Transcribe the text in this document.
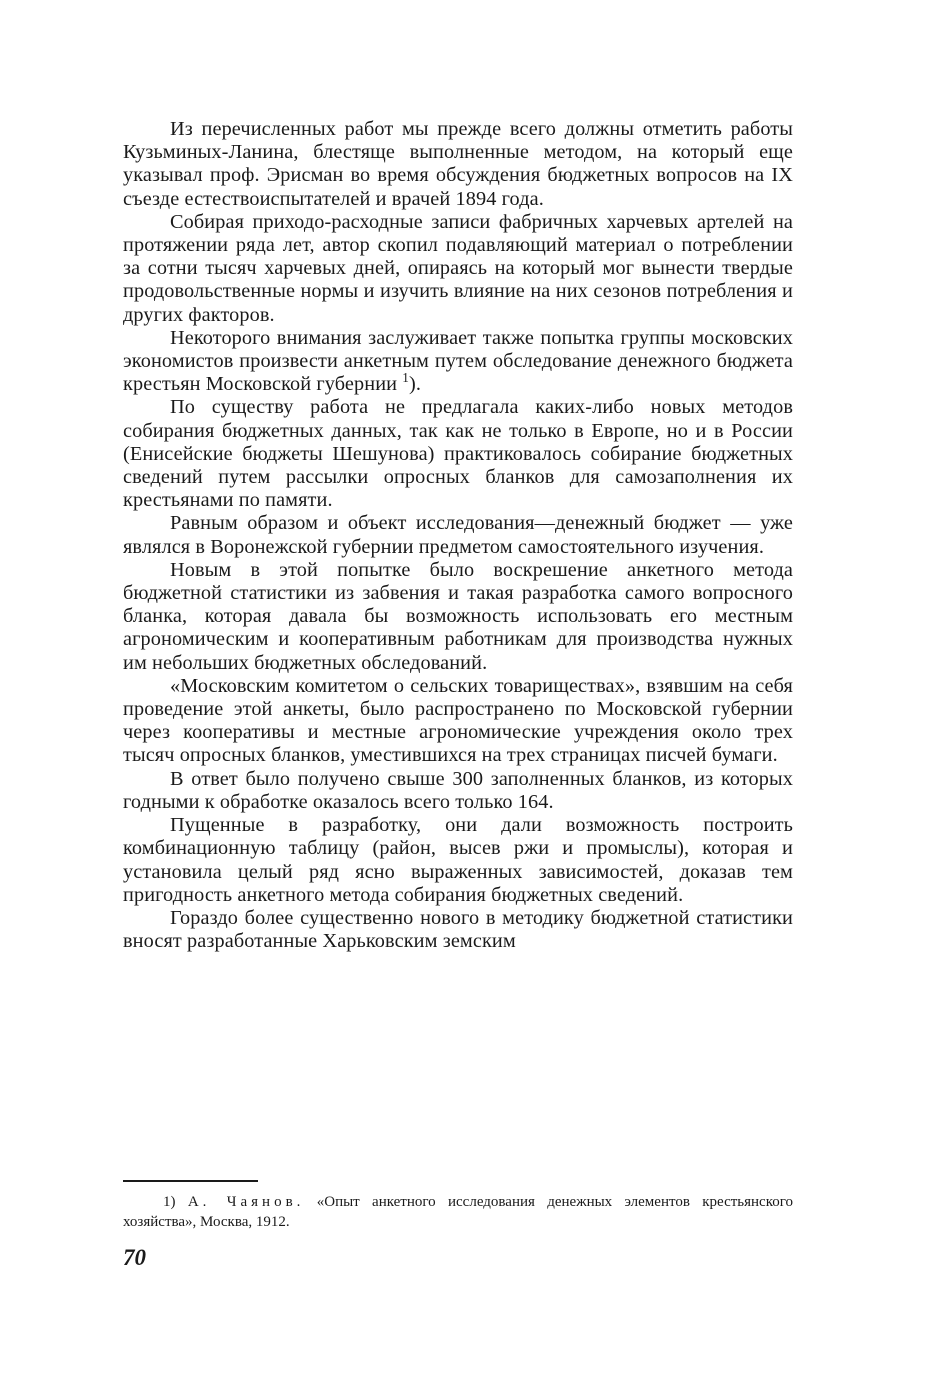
Из перечисленных работ мы прежде всего должны отметить работы Кузьминых-Ланина, блестяще выполненные методом, на который еще указывал проф. Эрисман во время обсуждения бюджетных вопросов на IX съезде естествоиспытателей и врачей 1894 года.

Собирая приходо-расходные записи фабричных харчевых артелей на протяжении ряда лет, автор скопил подавляющий материал о потреблении за сотни тысяч харчевых дней, опираясь на который мог вынести твердые продовольственные нормы и изучить влияние на них сезонов потребления и других факторов.

Некоторого внимания заслуживает также попытка группы московских экономистов произвести анкетным путем обследование денежного бюджета крестьян Московской губернии $^1$).

По существу работа не предлагала каких-либо новых методов собирания бюджетных данных, так как не только в Европе, но и в России (Енисейские бюджеты Шешунова) практиковалось собирание бюджетных сведений путем рассылки опросных бланков для самозаполнения их крестьянами по памяти.

Равным образом и объект исследования—денежный бюджет — уже являлся в Воронежской губернии предметом самостоятельного изучения.

Новым в этой попытке было воскрешение анкетного метода бюджетной статистики из забвения и такая разработка самого вопросного бланка, которая давала бы возможность использовать его местным агрономическим и кооперативным работникам для производства нужных им небольших бюджетных обследований.

«Московским комитетом о сельских товарищеcтвах», взявшим на себя проведение этой анкеты, было распространено по Московской губернии через кооперативы и местные агрономические учреждения около трех тысяч опросных бланков, уместившихся на трех страницах писчей бумаги.

В ответ было получено свыше 300 заполненных бланков, из которых годными к обработке оказалось всего только 164.

Пущенные в разработку, они дали возможность построить комбинационную таблицу (район, высев ржи и промыслы), которая и установила целый ряд ясно выраженных зависимостей, доказав тем пригодность анкетного метода собирания бюджетных сведений.

Гораздо более существенно нового в методику бюджетной статистики вносят разработанные Харьковским земским

1) А. Чаянов. «Опыт анкетного исследования денежных элементов крестьянского хозяйства», Москва, 1912.
70
